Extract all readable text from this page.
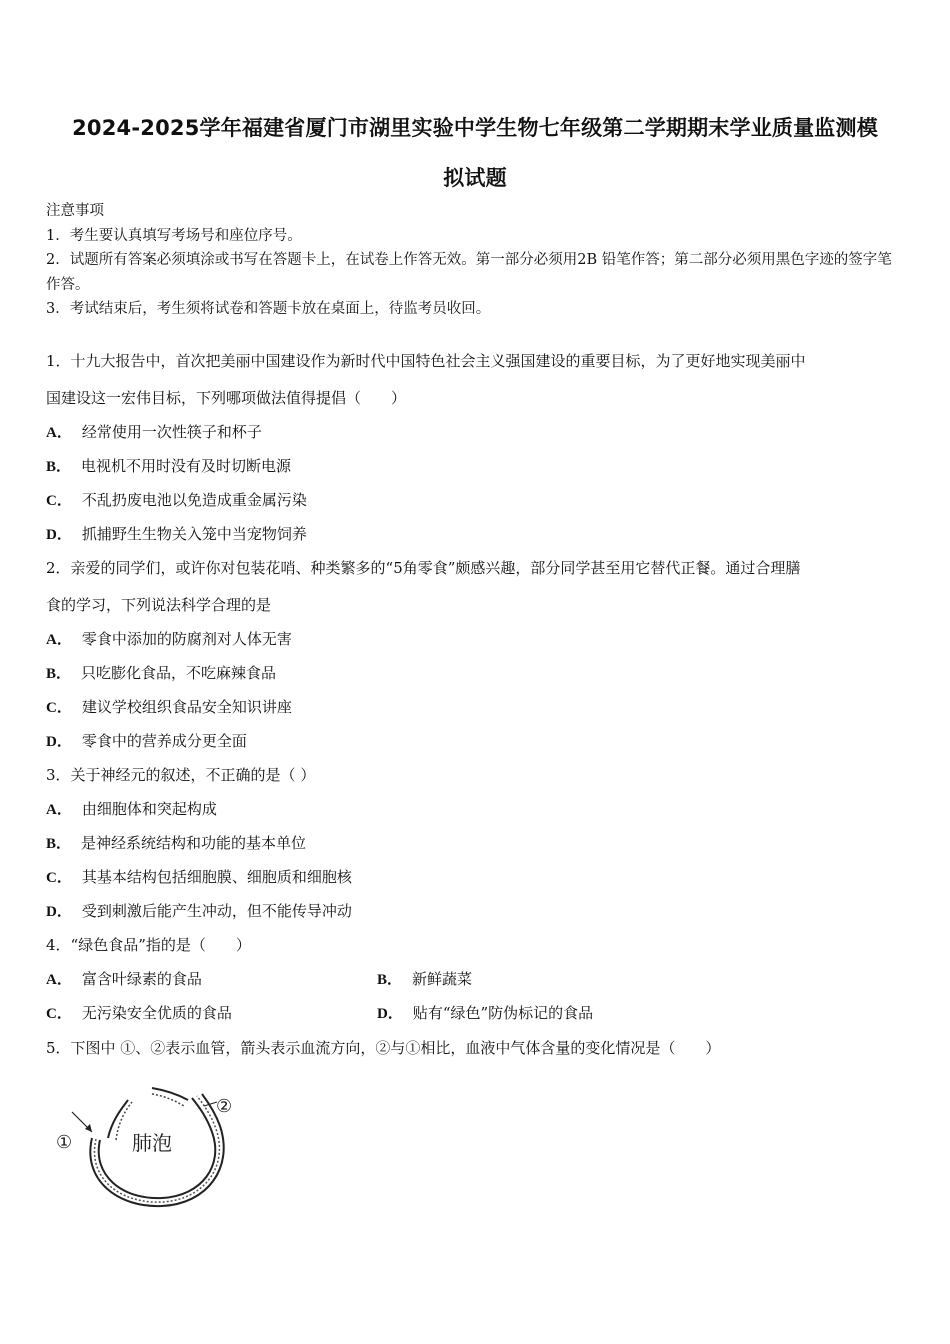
2024-2025学年福建省厦门市湖里实验中学生物七年级第二学期期末学业质量监测模
拟试题
注意事项
1．考生要认真填写考场号和座位序号。
2．试题所有答案必须填涂或书写在答题卡上，在试卷上作答无效。第一部分必须用2B 铅笔作答；第二部分必须用黑色字迹的签字笔作答。
3．考试结束后，考生须将试卷和答题卡放在桌面上，待监考员收回。
1．十九大报告中，首次把美丽中国建设作为新时代中国特色社会主义强国建设的重要目标，为了更好地实现美丽中
国建设这一宏伟目标，下列哪项做法值得提倡（　　）
A． 经常使用一次性筷子和杯子
B． 电视机不用时没有及时切断电源
C． 不乱扔废电池以免造成重金属污染
D． 抓捕野生生物关入笼中当宠物饲养
2．亲爱的同学们，或许你对包装花哨、种类繁多的“5角零食”颇感兴趣，部分同学甚至用它替代正餐。通过合理膳
食的学习，下列说法科学合理的是
A． 零食中添加的防腐剂对人体无害
B． 只吃膨化食品，不吃麻辣食品
C． 建议学校组织食品安全知识讲座
D． 零食中的营养成分更全面
3．关于神经元的叙述，不正确的是（ ）
A． 由细胞体和突起构成
B． 是神经系统结构和功能的基本单位
C． 其基本结构包括细胞膜、细胞质和细胞核
D． 受到刺激后能产生冲动，但不能传导冲动
4．“绿色食品”指的是（　　）
A． 富含叶绿素的食品	B． 新鲜蔬菜
C． 无污染安全优质的食品	D． 贴有“绿色”防伪标记的食品
5．下图中 ①、②表示血管，箭头表示血流方向，②与①相比，血液中气体含量的变化情况是（　　）
①
②
肺泡
